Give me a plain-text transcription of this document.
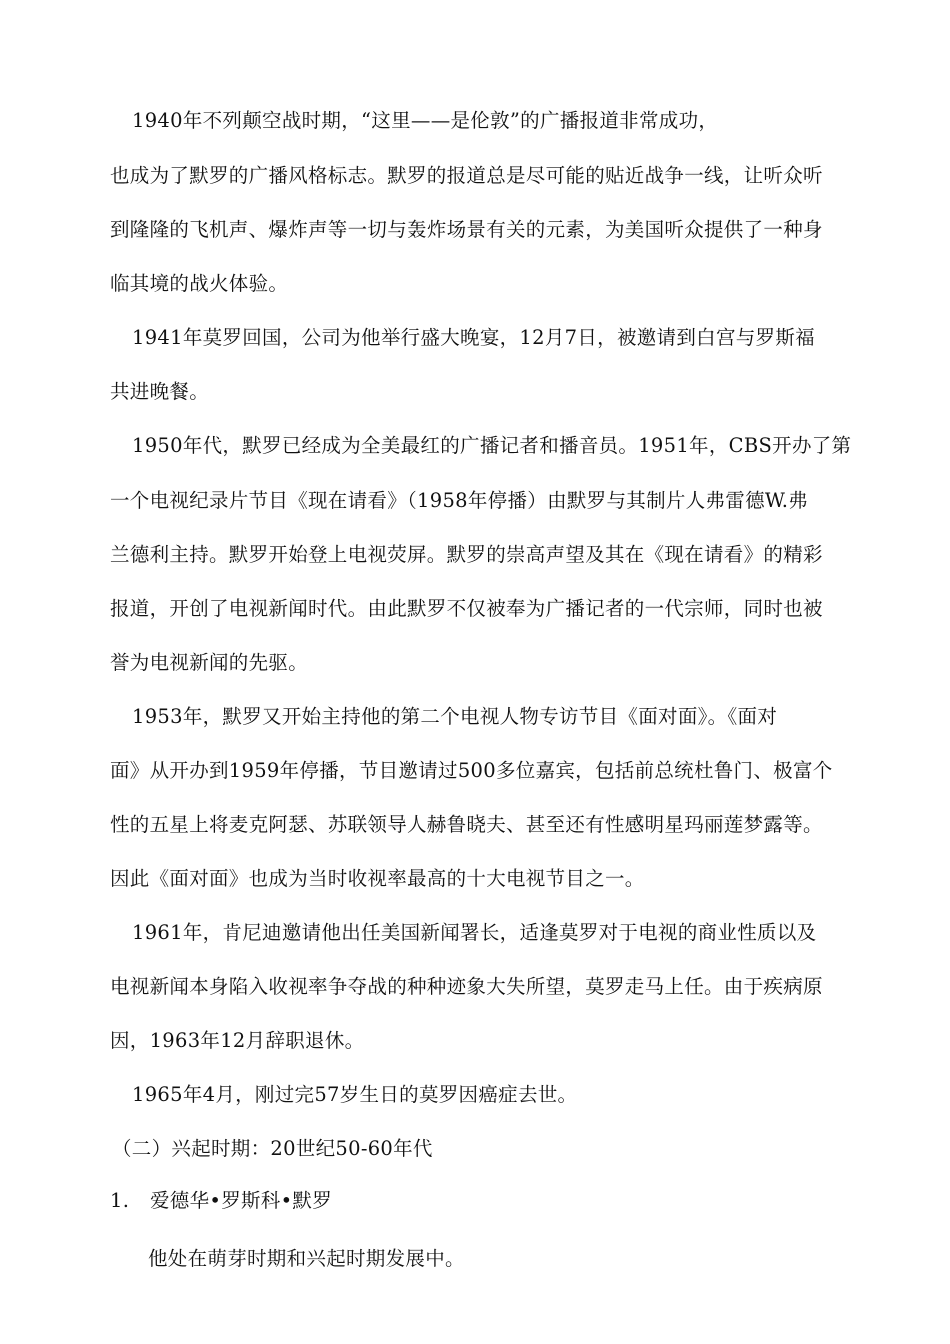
1940年不列颠空战时期，“这里——是伦敦”的广播报道非常成功，
也成为了默罗的广播风格标志。默罗的报道总是尽可能的贴近战争一线，让听众听
到隆隆的飞机声、爆炸声等一切与轰炸场景有关的元素，为美国听众提供了一种身
临其境的战火体验。
1941年莫罗回国，公司为他举行盛大晚宴，12月7日，被邀请到白宫与罗斯福
共进晚餐。
1950年代，默罗已经成为全美最红的广播记者和播音员。1951年，CBS开办了第
一个电视纪录片节目《现在请看》（1958年停播）由默罗与其制片人弗雷德W.弗
兰德利主持。默罗开始登上电视荧屏。默罗的崇高声望及其在《现在请看》的精彩
报道，开创了电视新闻时代。由此默罗不仅被奉为广播记者的一代宗师，同时也被
誉为电视新闻的先驱。
1953年，默罗又开始主持他的第二个电视人物专访节目《面对面》。《面对
面》从开办到1959年停播，节目邀请过500多位嘉宾，包括前总统杜鲁门、极富个
性的五星上将麦克阿瑟、苏联领导人赫鲁晓夫、甚至还有性感明星玛丽莲梦露等。
因此《面对面》也成为当时收视率最高的十大电视节目之一。
1961年，肯尼迪邀请他出任美国新闻署长，适逢莫罗对于电视的商业性质以及
电视新闻本身陷入收视率争夺战的种种迹象大失所望，莫罗走马上任。由于疾病原
因，1963年12月辞职退休。
1965年4月，刚过完57岁生日的莫罗因癌症去世。
（二）兴起时期：20世纪50-60年代
1. 爱德华•罗斯科•默罗
他处在萌芽时期和兴起时期发展中。
